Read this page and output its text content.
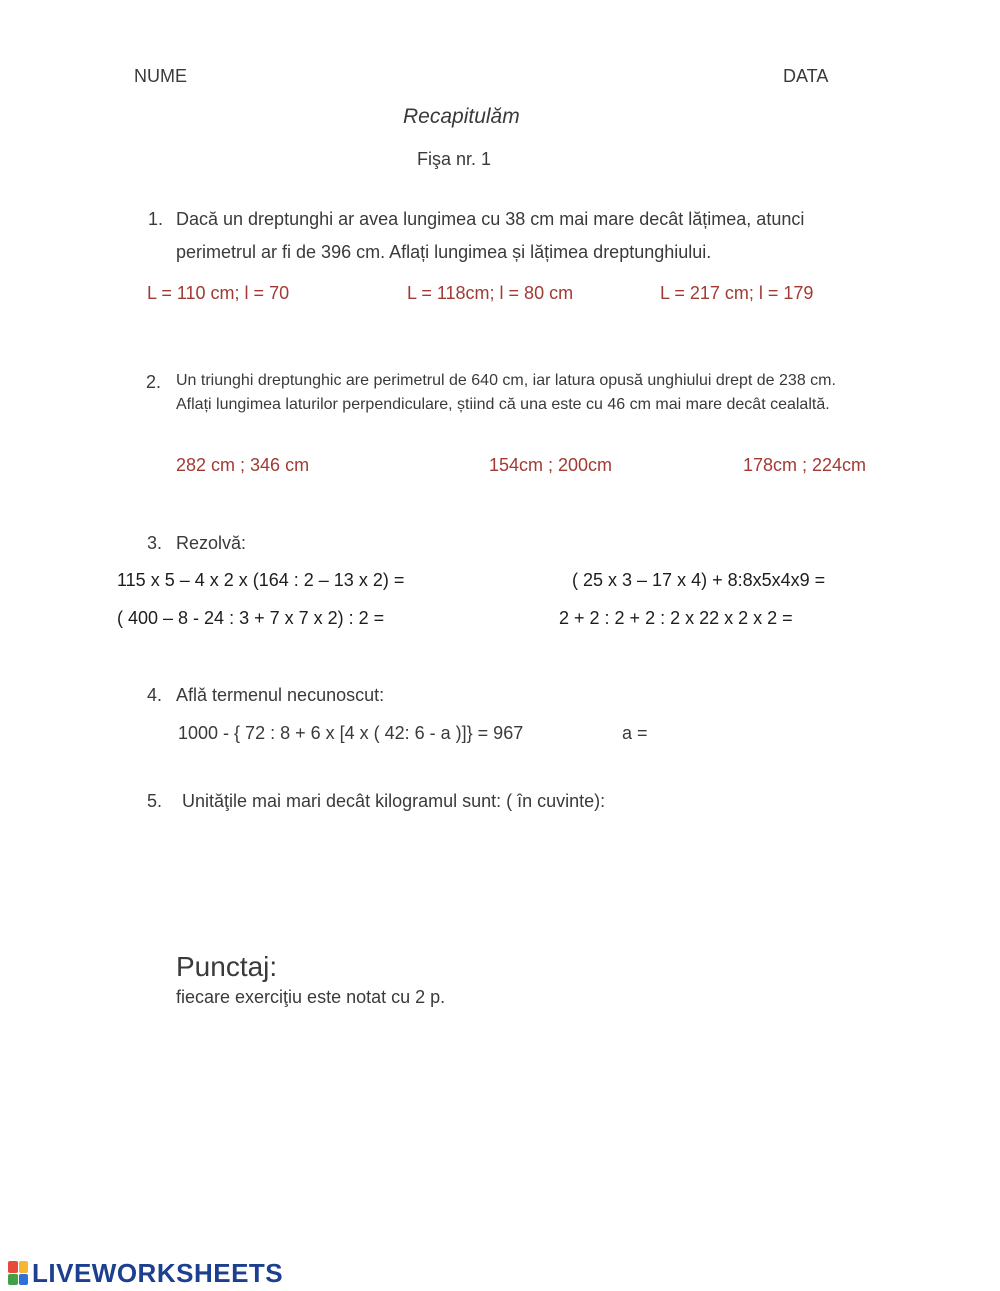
NUME	DATA
Recapitulăm
Fişa nr. 1
1. Dacă un dreptunghi ar avea lungimea cu 38 cm mai mare decât lățimea, atunci
perimetrul ar fi de 396 cm. Aflați lungimea și lățimea dreptunghiului.
L = 110 cm; l = 70	L = 118cm; l = 80 cm	L = 217 cm; l = 179
2. Un triunghi dreptunghic are perimetrul de 640 cm, iar latura opusă unghiului drept de 238 cm. Aflați lungimea laturilor perpendiculare, știind că una este cu 46 cm mai mare decât cealaltă.
282 cm ; 346 cm	154cm ; 200cm	178cm ; 224cm
3. Rezolvă:
115 x 5 – 4 x 2 x (164 : 2 – 13 x 2) =	( 25 x 3 – 17 x 4) + 8:8x5x4x9 =
( 400 – 8 - 24 : 3 + 7 x 7 x 2) : 2 =	2 + 2 : 2 + 2 : 2 x 22 x 2 x 2 =
4. Aflǎ termenul necunoscut:
1000 - { 72 : 8 + 6 x [4 x ( 42: 6 - a )]} = 967	a =
5. Unităţile mai mari decât kilogramul sunt: ( în cuvinte):
Punctaj:
fiecare exerciţiu este notat cu 2 p.
LIVEWORKSHEETS
